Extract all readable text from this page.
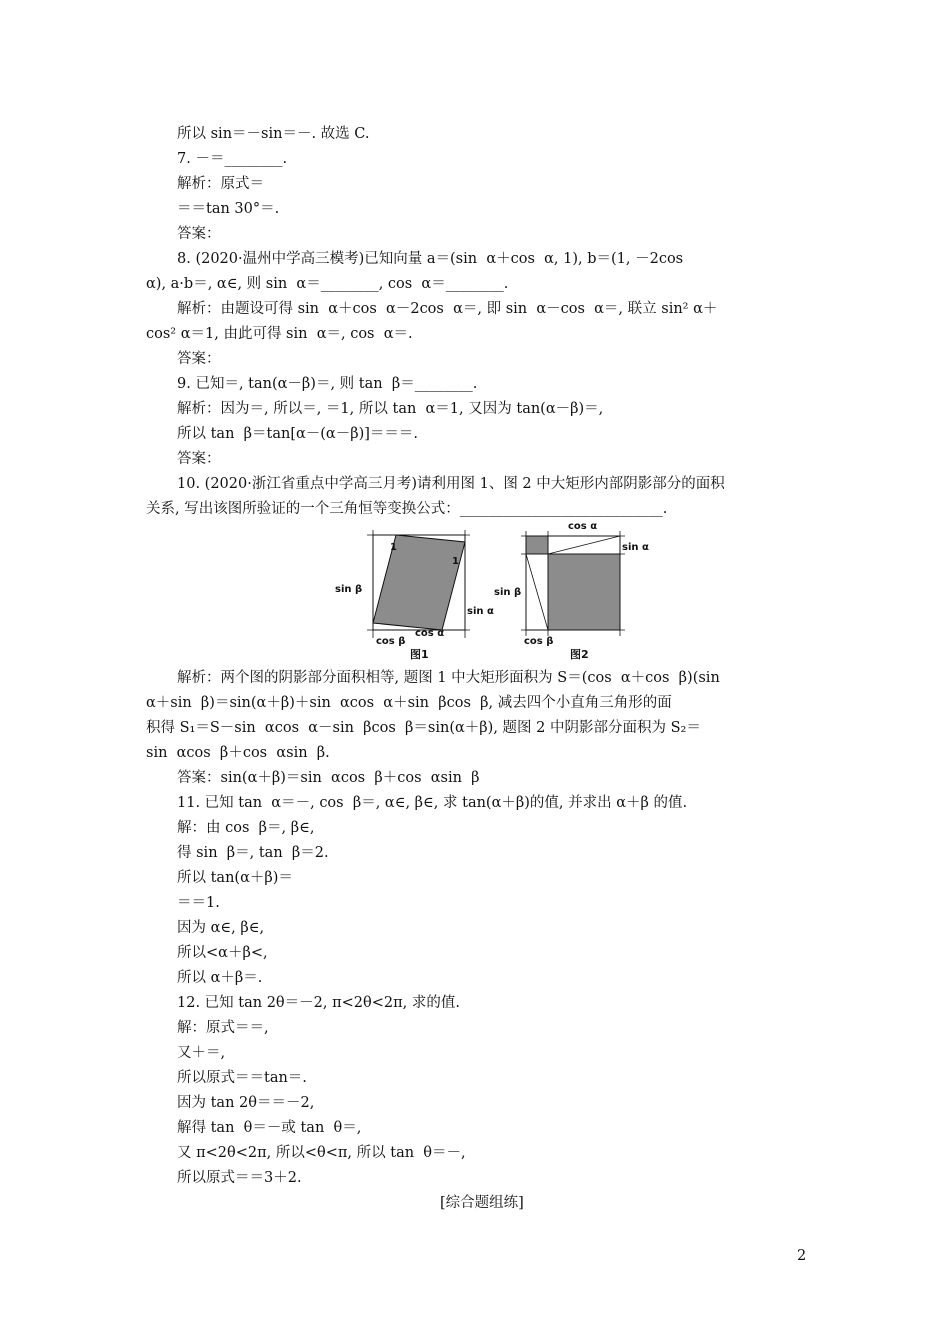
所以 sin＝－sin＝－. 故选 C.
7. －＝________.
解析：原式＝
＝＝tan 30°＝.
答案：
8. (2020·温州中学高三模考)已知向量 a＝(sin  α＋cos  α, 1), b＝(1, －2cos
α), a·b＝, α∈, 则 sin  α＝________, cos  α＝________.
解析：由题设可得 sin  α＋cos  α－2cos  α＝, 即 sin  α－cos  α＝, 联立 sin² α＋
cos² α＝1, 由此可得 sin  α＝, cos  α＝.
答案：
9. 已知＝, tan(α－β)＝, 则 tan  β＝________.
解析：因为＝, 所以＝, ＝1, 所以 tan  α＝1, 又因为 tan(α－β)＝,
所以 tan  β＝tan[α－(α－β)]＝＝＝.
答案：
10. (2020·浙江省重点中学高三月考)请利用图 1、图 2 中大矩形内部阴影部分的面积
关系, 写出该图所验证的一个三角恒等变换公式：____________________________.
1
1
sin β
sin α
cos β
cos α
图1
cos α
sin α
sin β
cos β
图2
解析：两个图的阴影部分面积相等, 题图 1 中大矩形面积为 S＝(cos  α＋cos  β)(sin
α＋sin  β)＝sin(α＋β)＋sin  αcos  α＋sin  βcos  β, 减去四个小直角三角形的面
积得 S₁＝S－sin  αcos  α－sin  βcos  β＝sin(α＋β), 题图 2 中阴影部分面积为 S₂＝
sin  αcos  β＋cos  αsin  β.
答案：sin(α＋β)＝sin  αcos  β＋cos  αsin  β
11. 已知 tan  α＝－, cos  β＝, α∈, β∈, 求 tan(α＋β)的值, 并求出 α＋β 的值.
解：由 cos  β＝, β∈,
得 sin  β＝, tan  β＝2.
所以 tan(α＋β)＝
＝＝1.
因为 α∈, β∈,
所以<α＋β<,
所以 α＋β＝.
12. 已知 tan 2θ＝－2, π<2θ<2π, 求的值.
解：原式＝＝,
又＋＝,
所以原式＝＝tan＝.
因为 tan 2θ＝＝－2,
解得 tan  θ＝－或 tan  θ＝,
又 π<2θ<2π, 所以<θ<π, 所以 tan  θ＝－,
所以原式＝＝3＋2.
[综合题组练]
2
